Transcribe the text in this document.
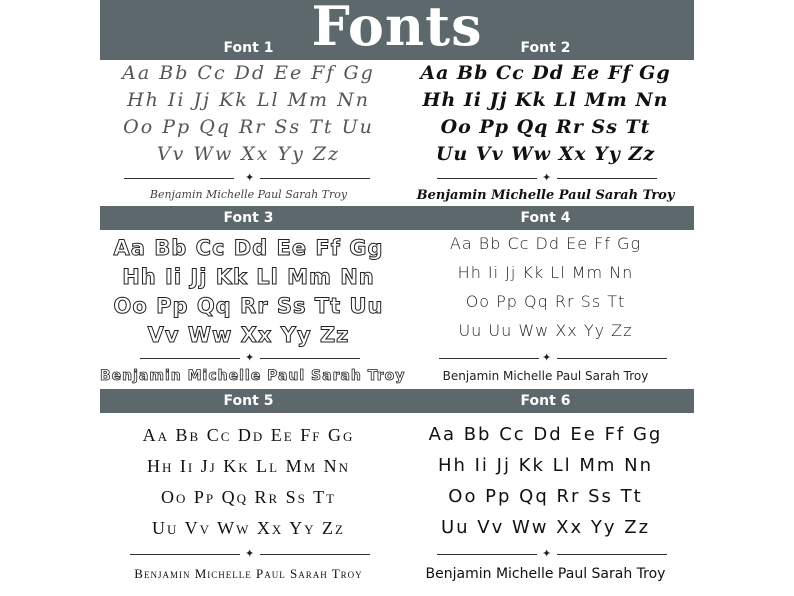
Fonts
Font 1	Font 2
Aa Bb Cc Dd Ee Ff Gg
Hh Ii Jj Kk Ll Mm Nn
Oo Pp Qq Rr Ss Tt Uu
Vv Ww Xx Yy Zz
✦
Benjamin Michelle Paul Sarah Troy
Aa Bb Cc Dd Ee Ff Gg
Hh Ii Jj Kk Ll Mm Nn
Oo Pp Qq Rr Ss Tt
Uu Vv Ww Xx Yy Zz
✦
Benjamin Michelle Paul Sarah Troy
Font 3	Font 4
Aa Bb Cc Dd Ee Ff Gg
Hh Ii Jj Kk Ll Mm Nn
Oo Pp Qq Rr Ss Tt Uu
Vv Ww Xx Yy Zz
✦
Benjamin Michelle Paul Sarah Troy
Aa Bb Cc Dd Ee Ff Gg
Hh Ii Jj Kk Ll Mm Nn
Oo Pp Qq Rr Ss Tt
Uu Uu Ww Xx Yy Zz
✦
Benjamin Michelle Paul Sarah Troy
Font 5	Font 6
Aa Bb Cc Dd Ee Ff Gg
Hh Ii Jj Kk Ll Mm Nn
Oo Pp Qq Rr Ss Tt
Uu Vv Ww Xx Yy Zz
✦
Benjamin Michelle Paul Sarah Troy
Aa Bb Cc Dd Ee Ff Gg
Hh Ii Jj Kk Ll Mm Nn
Oo Pp Qq Rr Ss Tt
Uu Vv Ww Xx Yy Zz
✦
Benjamin Michelle Paul Sarah Troy
